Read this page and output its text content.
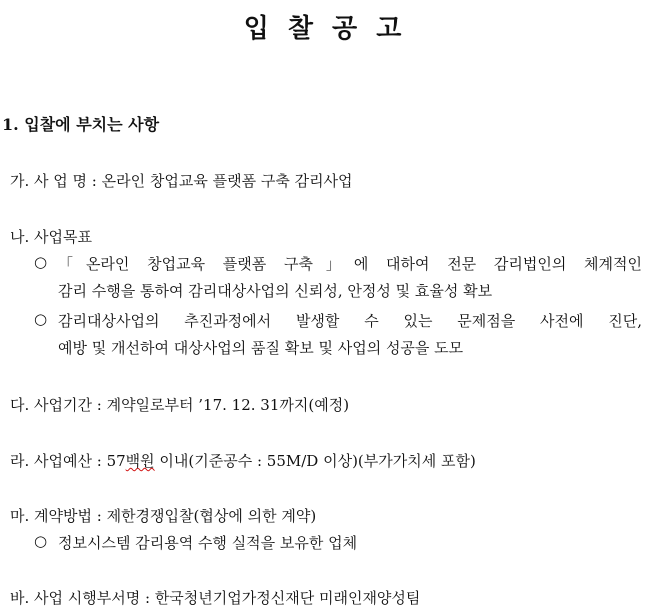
입 찰 공 고
1. 입찰에 부치는 사항
가. 사 업 명 : 온라인 창업교육 플랫폼 구축 감리사업
나. 사업목표
○ 「온라인 창업교육 플랫폼 구축」에 대하여 전문 감리법인의 체계적인
감리 수행을 통하여 감리대상사업의 신뢰성, 안정성 및 효율성 확보
○ 감리대상사업의 추진과정에서 발생할 수 있는 문제점을 사전에 진단,
예방 및 개선하여 대상사업의 품질 확보 및 사업의 성공을 도모
다. 사업기간 : 계약일로부터 ’17. 12. 31까지(예정)
라. 사업예산 : 57백원 이내(기준공수 : 55M/D 이상)(부가가치세 포함)
마. 계약방법 : 제한경쟁입찰(협상에 의한 계약)
○ 정보시스템 감리용역 수행 실적을 보유한 업체
바. 사업 시행부서명 : 한국청년기업가정신재단 미래인재양성팀
